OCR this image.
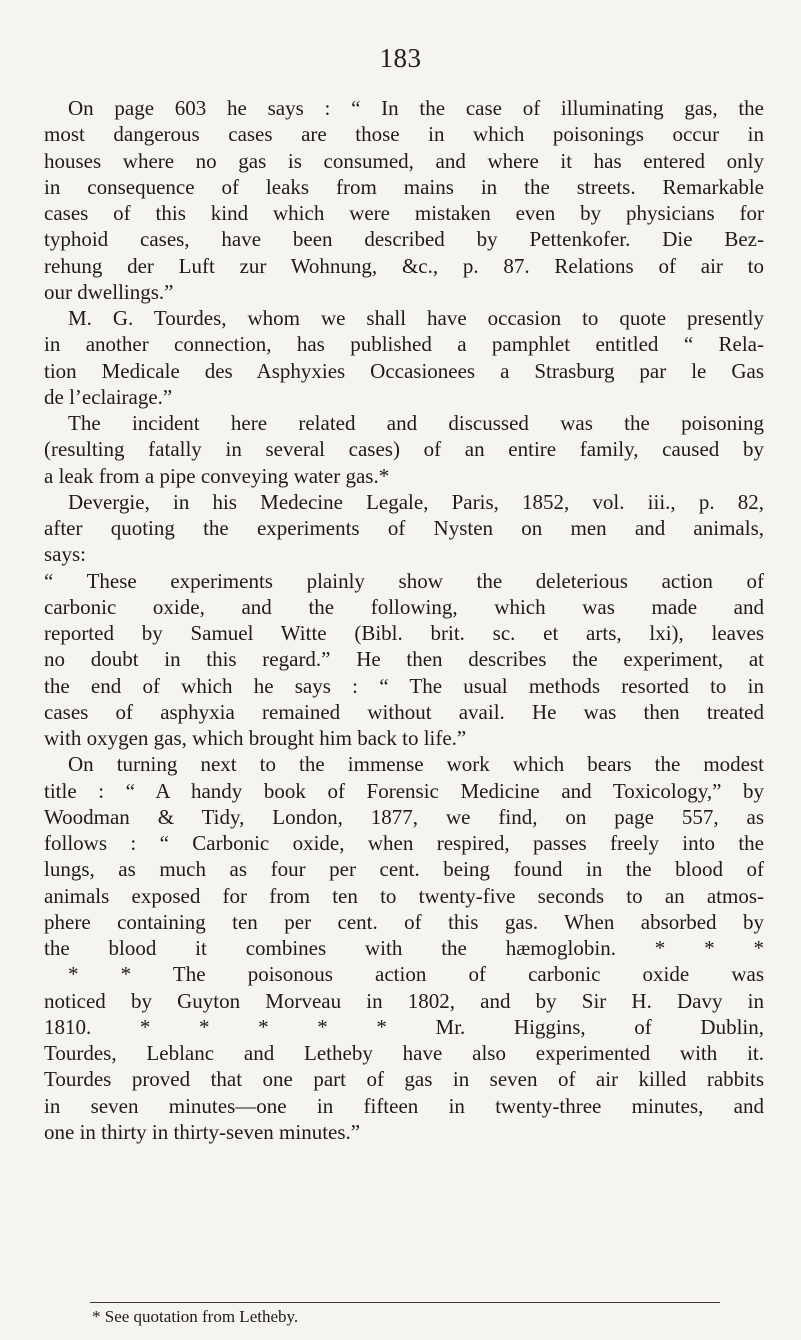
183
On page 603 he says : “ In the case of illuminating gas, the
most dangerous cases are those in which poisonings occur in
houses where no gas is consumed, and where it has entered only
in consequence of leaks from mains in the streets. Remarkable
cases of this kind which were mistaken even by physicians for
typhoid cases, have been described by Pettenkofer. Die Bez-
rehung der Luft zur Wohnung, &c., p. 87. Relations of air to
our dwellings.”
M. G. Tourdes, whom we shall have occasion to quote presently
in another connection, has published a pamphlet entitled “ Rela-
tion Medicale des Asphyxies Occasionees a Strasburg par le Gas
de l’eclairage.”
The incident here related and discussed was the poisoning
(resulting fatally in several cases) of an entire family, caused by
a leak from a pipe conveying water gas.*
Devergie, in his Medecine Legale, Paris, 1852, vol. iii., p. 82,
after quoting the experiments of Nysten on men and animals,
says:
“ These experiments plainly show the deleterious action of
carbonic oxide, and the following, which was made and
reported by Samuel Witte (Bibl. brit. sc. et arts, lxi), leaves
no doubt in this regard.” He then describes the experiment, at
the end of which he says : “ The usual methods resorted to in
cases of asphyxia remained without avail. He was then treated
with oxygen gas, which brought him back to life.”
On turning next to the immense work which bears the modest
title : “ A handy book of Forensic Medicine and Toxicology,” by
Woodman & Tidy, London, 1877, we find, on page 557, as
follows : “ Carbonic oxide, when respired, passes freely into the
lungs, as much as four per cent. being found in the blood of
animals exposed for from ten to twenty-five seconds to an atmos-
phere containing ten per cent. of this gas. When absorbed by
the blood it combines with the hæmoglobin. * * *
* * The poisonous action of carbonic oxide was
noticed by Guyton Morveau in 1802, and by Sir H. Davy in
1810. * * * * * Mr. Higgins, of Dublin,
Tourdes, Leblanc and Letheby have also experimented with it.
Tourdes proved that one part of gas in seven of air killed rabbits
in seven minutes—one in fifteen in twenty-three minutes, and
one in thirty in thirty-seven minutes.”
* See quotation from Letheby.
